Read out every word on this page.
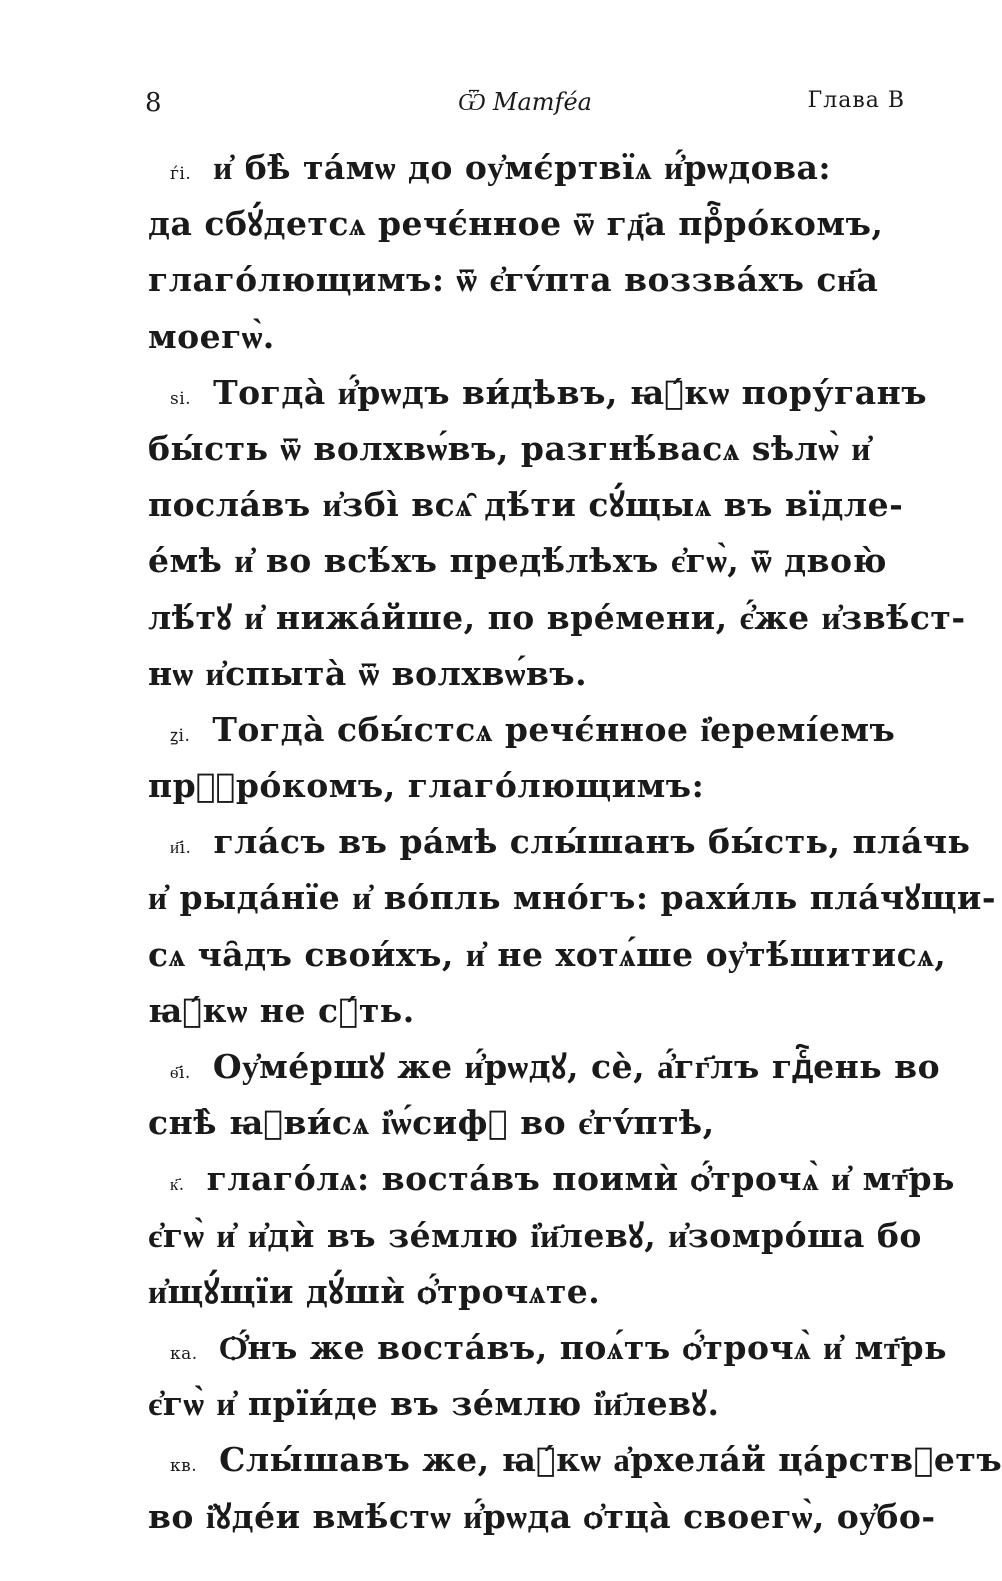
8	Ѿ Матfе́а	Глава В
ѓі. и҆ бѣ̀ та́мѡ до оу҆мє́ртвїѧ и҆́рѡдова:
да сбꙋ́детсѧ речє́нное ѿ гд҃а прⷪ҇рóкомъ,
глаго́лющимъ: ѿ є҆гv́пта воззва́хъ сн҃а
моегѡ̀.
ѕі. Тогда̀ и҆́рѡдъ ви́дѣвъ, ꙗ҆́кѡ пору́ганъ
бы́сть ѿ волхвѡ́въ, разгнѣ́васѧ ѕѣлѡ̀ и҆
посла́въ и҆збі̀ всѧ̑ дѣ́ти сꙋ́щыѧ въ вїдле-
е́мѣ и҆ во всѣ́хъ предѣ́лѣхъ є҆гѡ̀, ѿ двою̀
лѣ́тꙋ и҆ нижа́йше, по вре́мени, є҆́же и҆звѣ́ст-
нѡ и҆спыта̀ ѿ волхвѡ́въ.
ꙁі. Тогда̀ сбы́стсѧ речє́нное і҆еремі́емъ
прⷪ҇ро́комъ, глаго́лющимъ:
и҃і. гла́съ въ ра́мѣ слы́шанъ бы́сть, пла́чь
и҆ рыда́нїе и҆ во́пль мно́гъ: рахи́ль пла́чꙋщи-
сѧ ча̑дъ свои́хъ, и҆ не хотѧ́ше оу҆тѣ́шитисѧ,
ꙗ҆́кѡ не сꙋ́ть.
ѳ҃і. Оу҆ме́ршꙋ же и҆́рѡдꙋ, сѐ, а҆́гг҃лъ гдⷭ҇ень во
снѣ̀ ꙗ҆ви́сѧ і҆ѡ́сифꙋ во є҆гv́птѣ,
к҃. глаго́лѧ: воста́въ поимѝ ѻ҆́трочѧ̀ и҆ мт҃рь
є҆гѡ̀ и҆ и҆дѝ въ зе́млю і҆и҃левꙋ, и҆зомро́ша бо
и҆щꙋ́щїи дꙋ́шѝ ѻ҆́трочѧте.
ка. Ѻ҆́нъ же воста́въ, поѧ́тъ ѻ҆́трочѧ̀ и҆ мт҃рь
є҆гѡ̀ и҆ прїи́де въ зе́млю і҆и҃левꙋ.
кв. Слы́шавъ же, ꙗ҆́кѡ а҆рхела́й ца́рствꙋетъ
во і҆ꙋде́и вмѣ́стѡ и҆́рѡда ѻ҆тца̀ своегѡ̀, оу҆бо-
